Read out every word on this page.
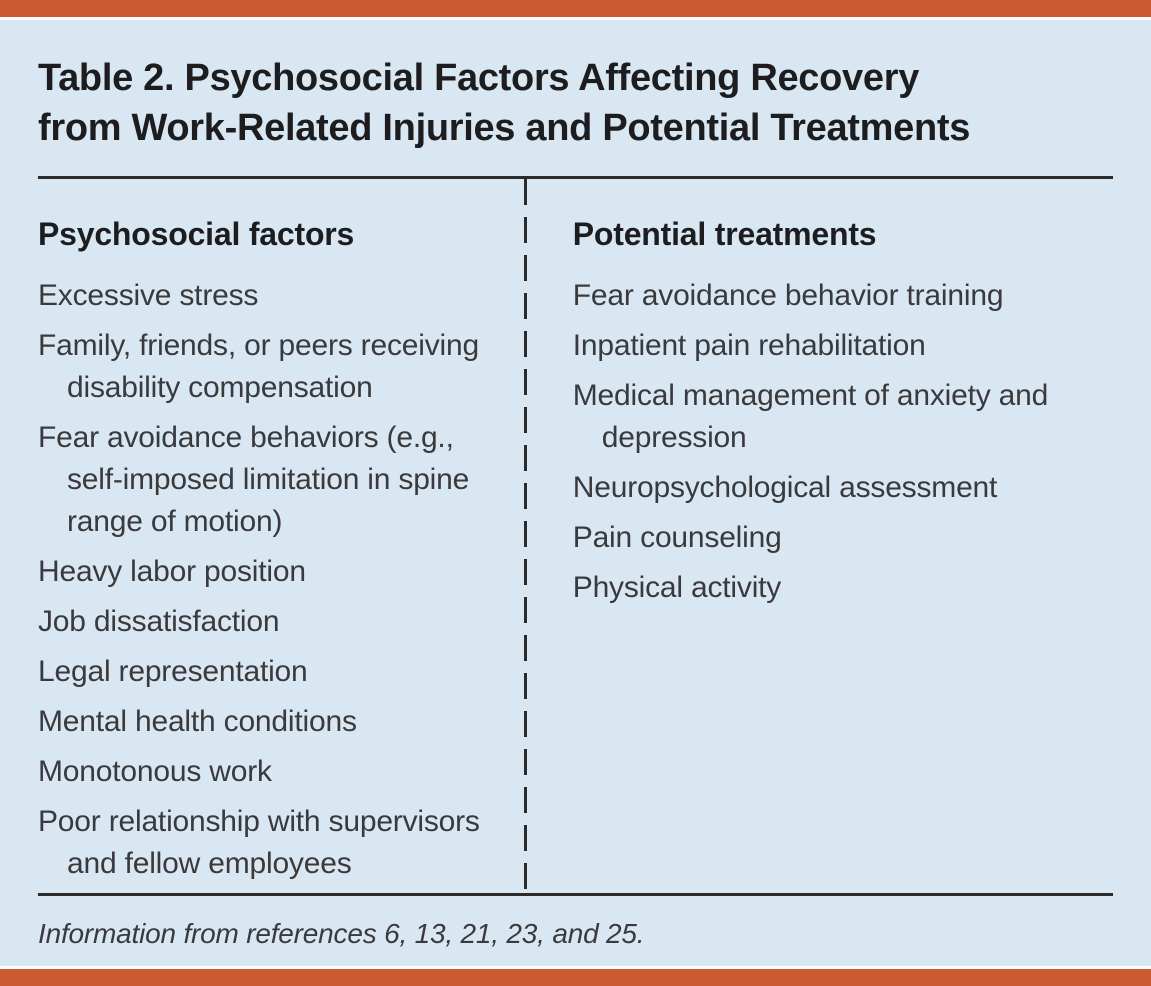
Table 2. Psychosocial Factors Affecting Recovery
from Work-Related Injuries and Potential Treatments
Psychosocial factors
Excessive stress
Family, friends, or peers receiving disability compensation
Fear avoidance behaviors (e.g., self-imposed limitation in spine range of motion)
Heavy labor position
Job dissatisfaction
Legal representation
Mental health conditions
Monotonous work
Poor relationship with supervisors and fellow employees
Potential treatments
Fear avoidance behavior training
Inpatient pain rehabilitation
Medical management of anxiety and depression
Neuropsychological assessment
Pain counseling
Physical activity
Information from references 6, 13, 21, 23, and 25.
